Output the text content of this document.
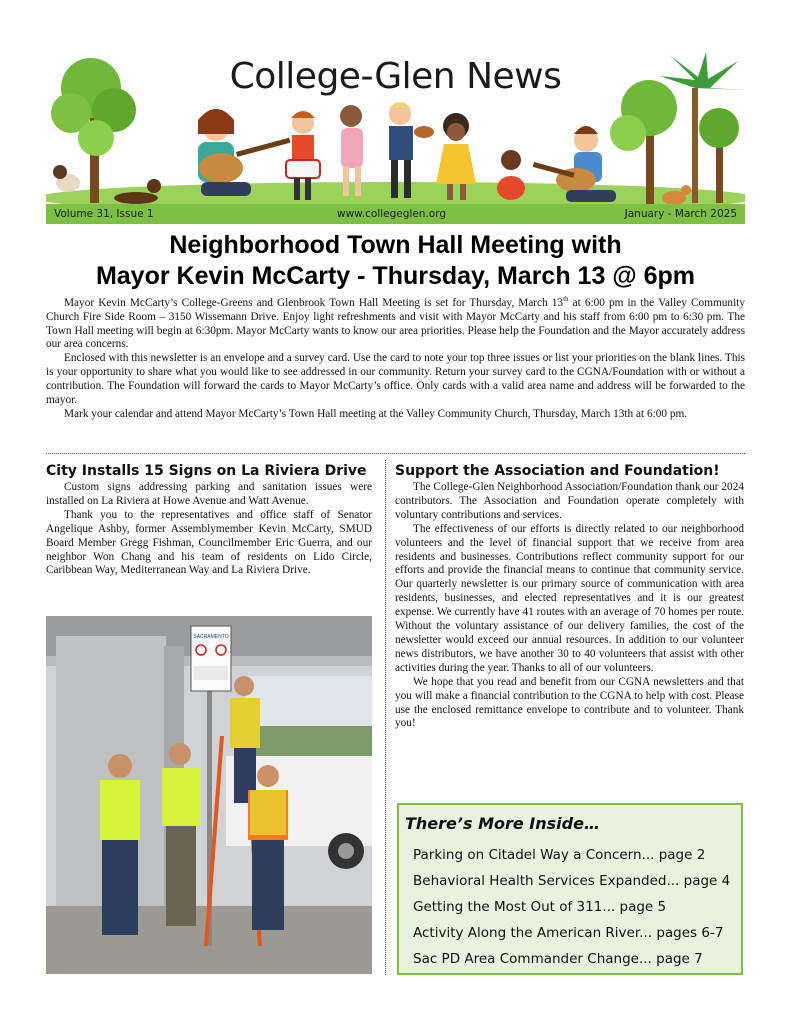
College-Glen News
Volume 31, Issue 1	www.collegeglen.org	January - March 2025
Neighborhood Town Hall Meeting with
Mayor Kevin McCarty - Thursday, March 13 @ 6pm

Mayor Kevin McCarty’s College-Greens and Glenbrook Town Hall Meeting is set for Thursday, March 13th at 6:00 pm in the Valley Community Church Fire Side Room – 3150 Wissemann Drive. Enjoy light refreshments and visit with Mayor McCarty and his staff from 6:00 pm to 6:30 pm. The Town Hall meeting will begin at 6:30pm. Mayor McCarty wants to know our area priorities. Please help the Foundation and the Mayor accurately address our area concerns.

Enclosed with this newsletter is an envelope and a survey card. Use the card to note your top three issues or list your priorities on the blank lines. This is your opportunity to share what you would like to see addressed in our community. Return your survey card to the CGNA/Foundation with or without a contribution. The Foundation will forward the cards to Mayor McCarty’s office. Only cards with a valid area name and address will be forwarded to the mayor.

Mark your calendar and attend Mayor McCarty’s Town Hall meeting at the Valley Community Church, Thursday, March 13th at 6:00 pm.

City Installs 15 Signs on La Riviera Drive

Custom signs addressing parking and sanitation issues were installed on La Riviera at Howe Avenue and Watt Avenue.

Thank you to the representatives and office staff of Senator Angelique Ashby, former Assemblymember Kevin McCarty, SMUD Board Member Gregg Fishman, Councilmember Eric Guerra, and our neighbor Won Chang and his team of residents on Lido Circle, Caribbean Way, Mediterranean Way and La Riviera Drive.

SACRAMENTO
Support the Association and Foundation!

The College-Glen Neighborhood Association/Foundation thank our 2024 contributors. The Association and Foundation operate completely with voluntary contributions and services.

The effectiveness of our efforts is directly related to our neighborhood volunteers and the level of financial support that we receive from area residents and businesses. Contributions reflect community support for our efforts and provide the financial means to continue that community service. Our quarterly newsletter is our primary source of communication with area residents, businesses, and elected representatives and it is our greatest expense. We currently have 41 routes with an average of 70 homes per route. Without the voluntary assistance of our delivery families, the cost of the newsletter would exceed our annual resources. In addition to our volunteer news distributors, we have another 30 to 40 volunteers that assist with other activities during the year. Thanks to all of our volunteers.

We hope that you read and benefit from our CGNA newsletters and that you will make a financial contribution to the CGNA to help with cost. Please use the enclosed remittance envelope to contribute and to volunteer. Thank you!

There’s More Inside…
Parking on Citadel Way a Concern... page 2
Behavioral Health Services Expanded... page 4
Getting the Most Out of 311... page 5
Activity Along the American River... pages 6-7
Sac PD Area Commander Change... page 7
